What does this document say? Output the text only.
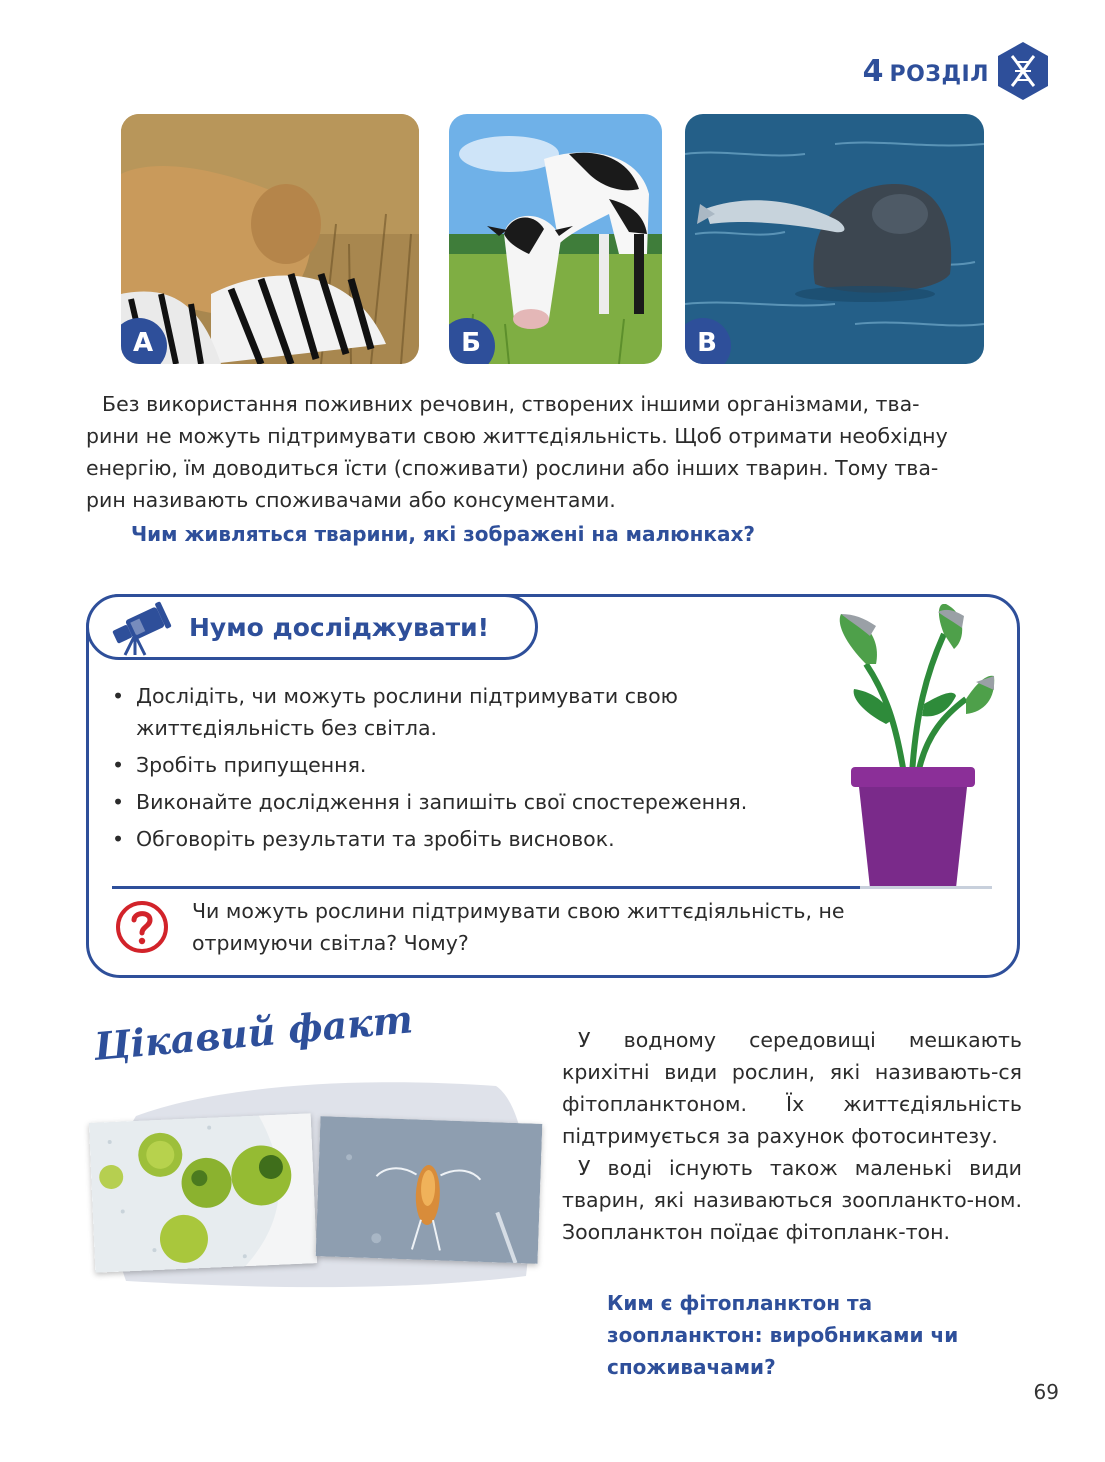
4 РОЗДІЛ
А	Б	В
Без використання поживних речовин, створених іншими організмами, тва-
рини не можуть підтримувати свою життєдіяльність. Щоб отримати необхідну
енергію, їм доводиться їсти (споживати) рослини або інших тварин. Тому тва-
рин називають споживачами або консументами.
Чим живляться тварини, які зображені на малюнках?
Нумо досліджувати!
• Дослідіть, чи можуть рослини підтримувати свою життєдіяльність без світла.
• Зробіть припущення.
• Виконайте дослідження і запишіть свої спостереження.
• Обговоріть результати та зробіть висновок.
Чи можуть рослини підтримувати свою життєдіяльність, не
отримуючи світла? Чому?
Цікавий факт	У водному середовищі мешкають крихітні види рослин, які називають-ся фітопланктоном. Їх життєдіяльність підтримується за рахунок фотосинтезу.

У воді існують також маленькі види тварин, які називаються зоопланкто-ном. Зоопланктон поїдає фітопланк-тон.

Ким є фітопланктон та зоопланктон: виробниками чи споживачами?
69
